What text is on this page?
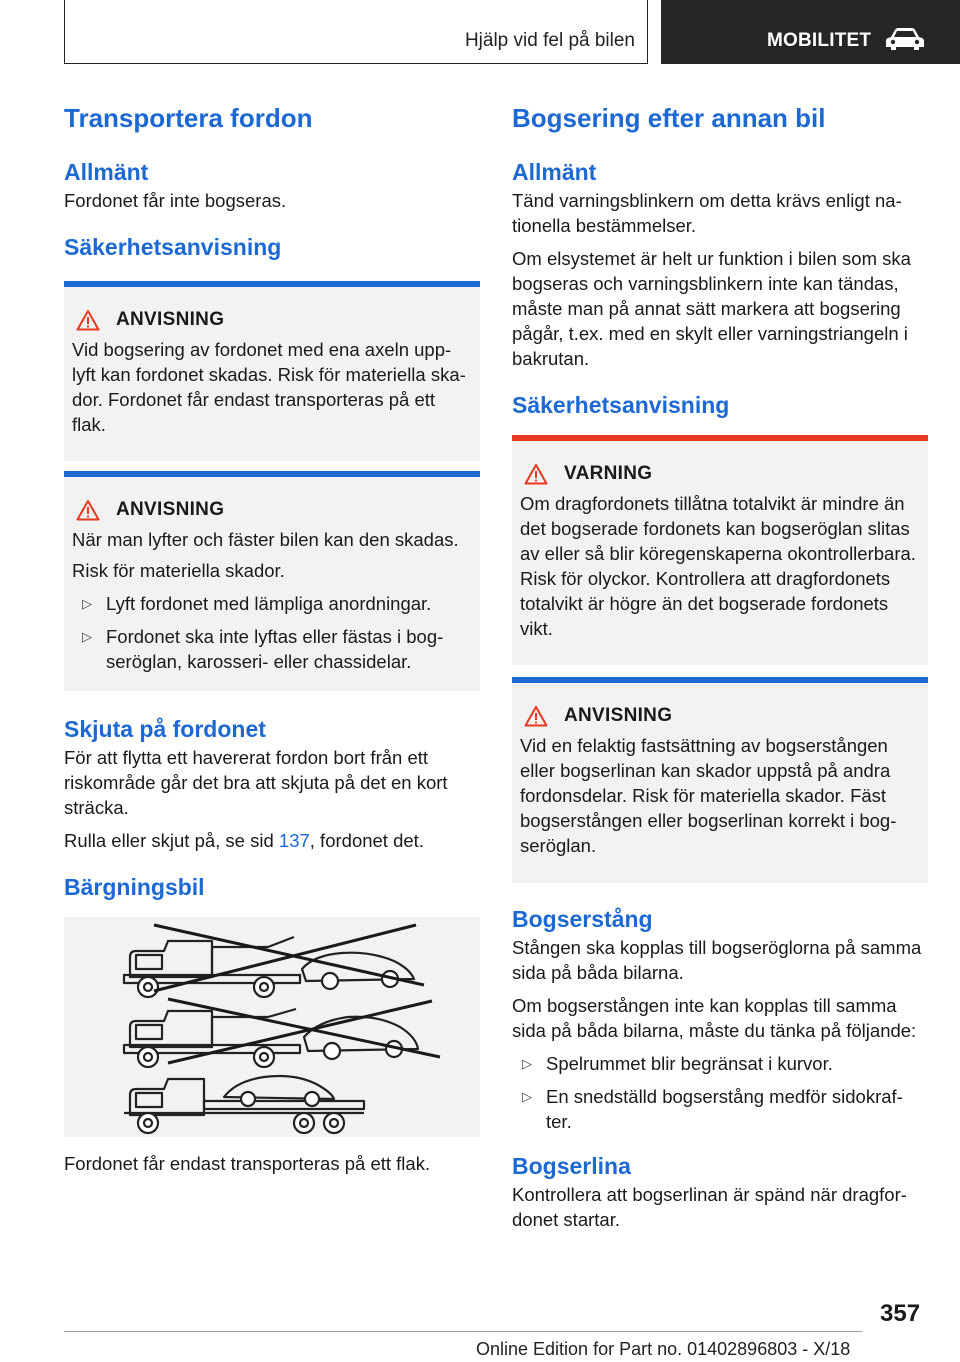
Hjälp vid fel på bilen	MOBILITET
Transportera fordon
Allmänt

Fordonet får inte bogseras.

Säkerhetsanvisning
ANVISNING

Vid bogsering av fordonet med ena axeln upp-lyft kan fordonet skadas. Risk för materiella ska-dor. Fordonet får endast transporteras på ett flak.

ANVISNING

När man lyfter och fäster bilen kan den skadas.

Risk för materiella skador.

▷ Lyft fordonet med lämpliga anordningar.
▷ Fordonet ska inte lyftas eller fästas i bog-seröglan, karosseri- eller chassidelar.
Skjuta på fordonet

För att flytta ett havererat fordon bort från ett riskområde går det bra att skjuta på det en kort sträcka.

Rulla eller skjut på, se sid 137, fordonet det.

Bärgningsbil

Fordonet får endast transporteras på ett flak.

Bogsering efter annan bil
Allmänt

Tänd varningsblinkern om detta krävs enligt na-tionella bestämmelser.

Om elsystemet är helt ur funktion i bilen som ska bogseras och varningsblinkern inte kan tändas, måste man på annat sätt markera att bogsering pågår, t.ex. med en skylt eller varningstriangeln i bakrutan.

Säkerhetsanvisning
VARNING

Om dragfordonets tillåtna totalvikt är mindre än det bogserade fordonets kan bogseröglan slitas av eller så blir köregenskaperna okontrollerbara. Risk för olyckor. Kontrollera att dragfordonets totalvikt är högre än det bogserade fordonets vikt.

ANVISNING

Vid en felaktig fastsättning av bogserstången eller bogserlinan kan skador uppstå på andra fordonsdelar. Risk för materiella skador. Fäst bogserstången eller bogserlinan korrekt i bog-seröglan.

Bogserstång

Stången ska kopplas till bogseröglorna på samma sida på båda bilarna.

Om bogserstången inte kan kopplas till samma sida på båda bilarna, måste du tänka på följande:

▷ Spelrummet blir begränsat i kurvor.
▷ En snedställd bogserstång medför sidokraf-ter.
Bogserlina

Kontrollera att bogserlinan är spänd när dragfor-donet startar.

357
Online Edition for Part no. 01402896803 - X/18
